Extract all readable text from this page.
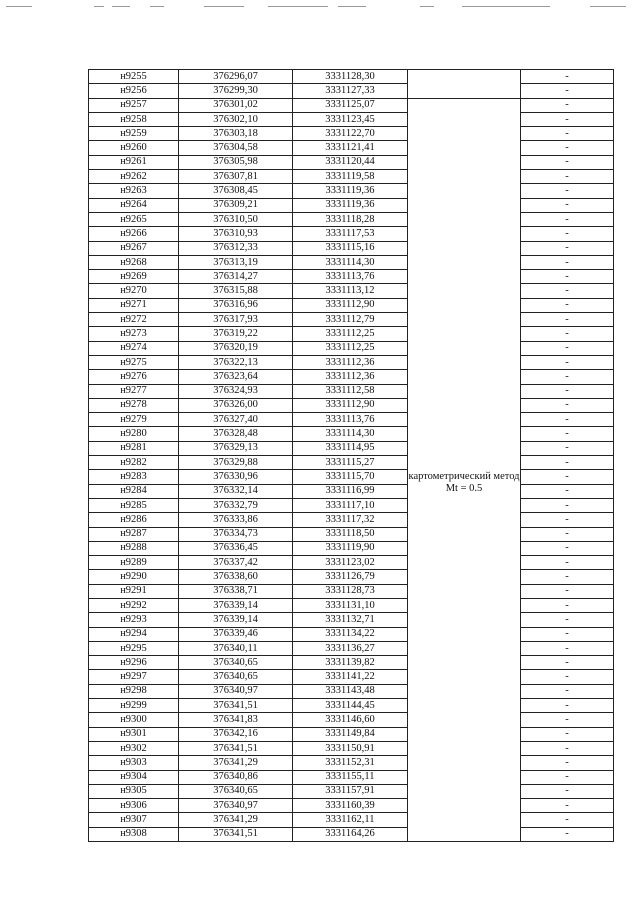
н9255	376296,07	3331128,30		-
н9256	376299,30	3331127,33		-
н9257	376301,02	3331125,07	картометрический метод Mt = 0.5	-
н9258	376302,10	3331123,45		-
н9259	376303,18	3331122,70		-
н9260	376304,58	3331121,41		-
н9261	376305,98	3331120,44		-
н9262	376307,81	3331119,58		-
н9263	376308,45	3331119,36		-
н9264	376309,21	3331119,36		-
н9265	376310,50	3331118,28		-
н9266	376310,93	3331117,53		-
н9267	376312,33	3331115,16		-
н9268	376313,19	3331114,30		-
н9269	376314,27	3331113,76		-
н9270	376315,88	3331113,12		-
н9271	376316,96	3331112,90		-
н9272	376317,93	3331112,79		-
н9273	376319,22	3331112,25		-
н9274	376320,19	3331112,25		-
н9275	376322,13	3331112,36		-
н9276	376323,64	3331112,36		-
н9277	376324,93	3331112,58		-
н9278	376326,00	3331112,90		-
н9279	376327,40	3331113,76		-
н9280	376328,48	3331114,30		-
н9281	376329,13	3331114,95		-
н9282	376329,88	3331115,27		-
н9283	376330,96	3331115,70		-
н9284	376332,14	3331116,99		-
н9285	376332,79	3331117,10		-
н9286	376333,86	3331117,32		-
н9287	376334,73	3331118,50		-
н9288	376336,45	3331119,90		-
н9289	376337,42	3331123,02		-
н9290	376338,60	3331126,79		-
н9291	376338,71	3331128,73		-
н9292	376339,14	3331131,10		-
н9293	376339,14	3331132,71		-
н9294	376339,46	3331134,22		-
н9295	376340,11	3331136,27		-
н9296	376340,65	3331139,82		-
н9297	376340,65	3331141,22		-
н9298	376340,97	3331143,48		-
н9299	376341,51	3331144,45		-
н9300	376341,83	3331146,60		-
н9301	376342,16	3331149,84		-
н9302	376341,51	3331150,91		-
н9303	376341,29	3331152,31		-
н9304	376340,86	3331155,11		-
н9305	376340,65	3331157,91		-
н9306	376340,97	3331160,39		-
н9307	376341,29	3331162,11		-
н9308	376341,51	3331164,26		-
